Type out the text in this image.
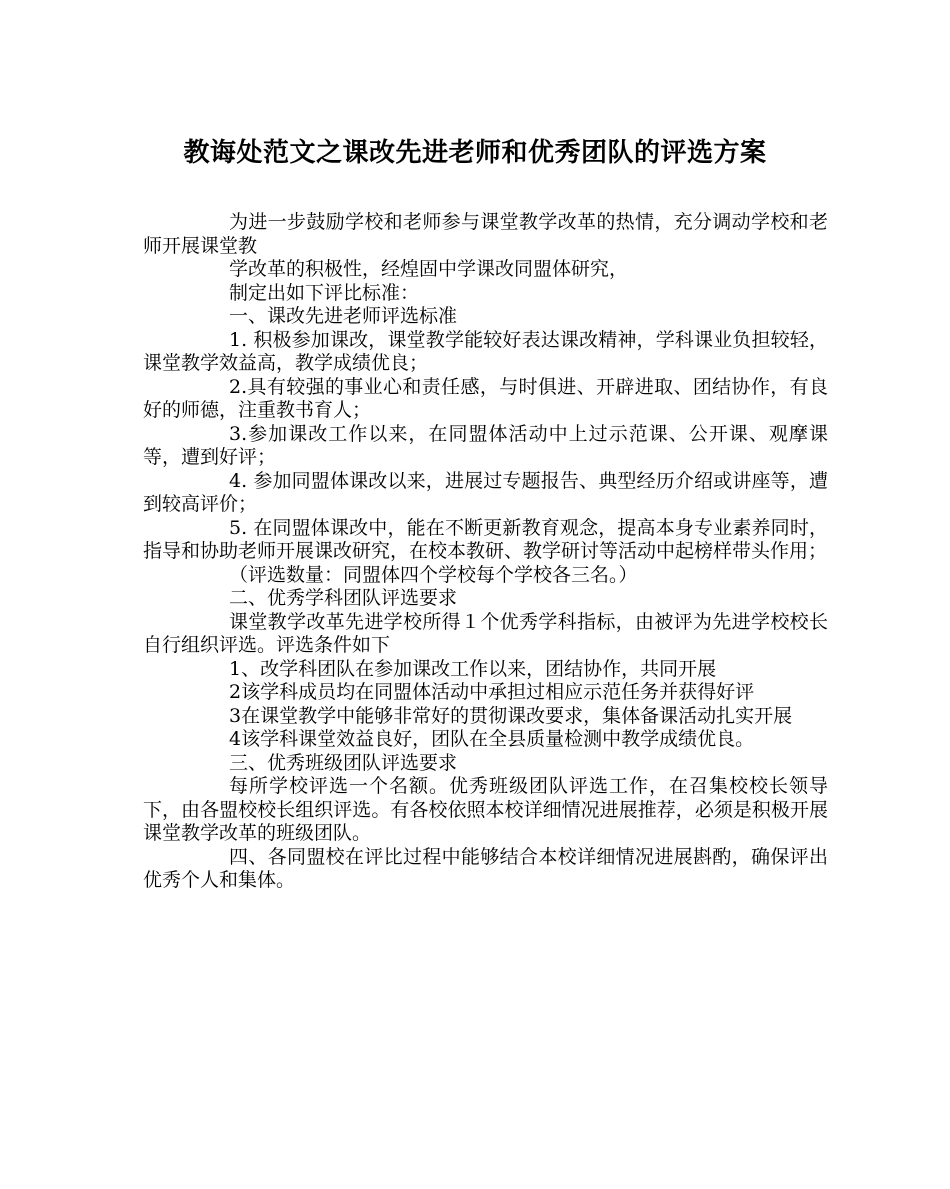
教诲处范文之课改先进老师和优秀团队的评选方案

为进一步鼓励学校和老师参与课堂教学改革的热情，充分调动学校和老师开展课堂教

学改革的积极性，经煌固中学课改同盟体研究，

制定出如下评比标准：

一、课改先进老师评选标准

1. 积极参加课改，课堂教学能较好表达课改精神，学科课业负担较轻，课堂教学效益高，教学成绩优良；

2.具有较强的事业心和责任感，与时俱进、开辟进取、团结协作，有良好的师德，注重教书育人；

3.参加课改工作以来，在同盟体活动中上过示范课、公开课、观摩课等，遭到好评；

4. 参加同盟体课改以来，进展过专题报告、典型经历介绍或讲座等，遭到较高评价；

5. 在同盟体课改中，能在不断更新教育观念，提高本身专业素养同时，指导和协助老师开展课改研究，在校本教研、教学研讨等活动中起榜样带头作用；

（评选数量：同盟体四个学校每个学校各三名。）

二、优秀学科团队评选要求

课堂教学改革先进学校所得１个优秀学科指标，由被评为先进学校校长自行组织评选。评选条件如下

1、改学科团队在参加课改工作以来，团结协作，共同开展

2该学科成员均在同盟体活动中承担过相应示范任务并获得好评

3在课堂教学中能够非常好的贯彻课改要求，集体备课活动扎实开展

4该学科课堂效益良好，团队在全县质量检测中教学成绩优良。

三、优秀班级团队评选要求

每所学校评选一个名额。优秀班级团队评选工作，在召集校校长领导下，由各盟校校长组织评选。有各校依照本校详细情况进展推荐，必须是积极开展课堂教学改革的班级团队。

四、各同盟校在评比过程中能够结合本校详细情况进展斟酌，确保评出优秀个人和集体。
